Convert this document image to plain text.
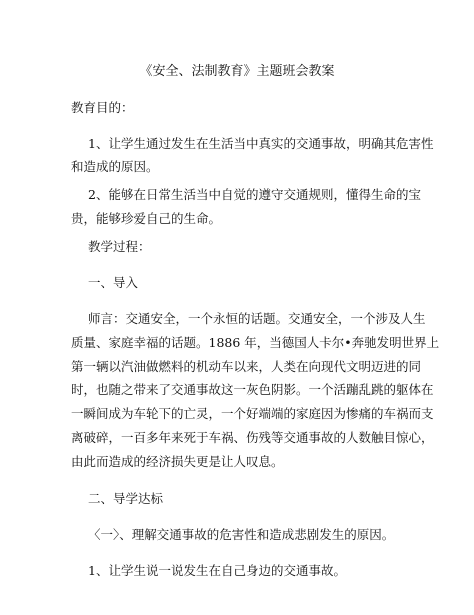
《安全、法制教育》主题班会教案
教育目的：
1、让学生通过发生在生活当中真实的交通事故，明确其危害性
和造成的原因。
2、能够在日常生活当中自觉的遵守交通规则，懂得生命的宝
贵，能够珍爱自己的生命。
教学过程：
一、导入
师言：交通安全，一个永恒的话题。交通安全，一个涉及人生
质量、家庭幸福的话题。1886 年，当德国人卡尔•奔驰发明世界上
第一辆以汽油做燃料的机动车以来，人类在向现代文明迈进的同
时，也随之带来了交通事故这一灰色阴影。一个活蹦乱跳的躯体在
一瞬间成为车轮下的亡灵，一个好端端的家庭因为惨痛的车祸而支
离破碎，一百多年来死于车祸、伤残等交通事故的人数触目惊心，
由此而造成的经济损失更是让人叹息。
二、导学达标
〈一〉、理解交通事故的危害性和造成悲剧发生的原因。
1、让学生说一说发生在自己身边的交通事故。
